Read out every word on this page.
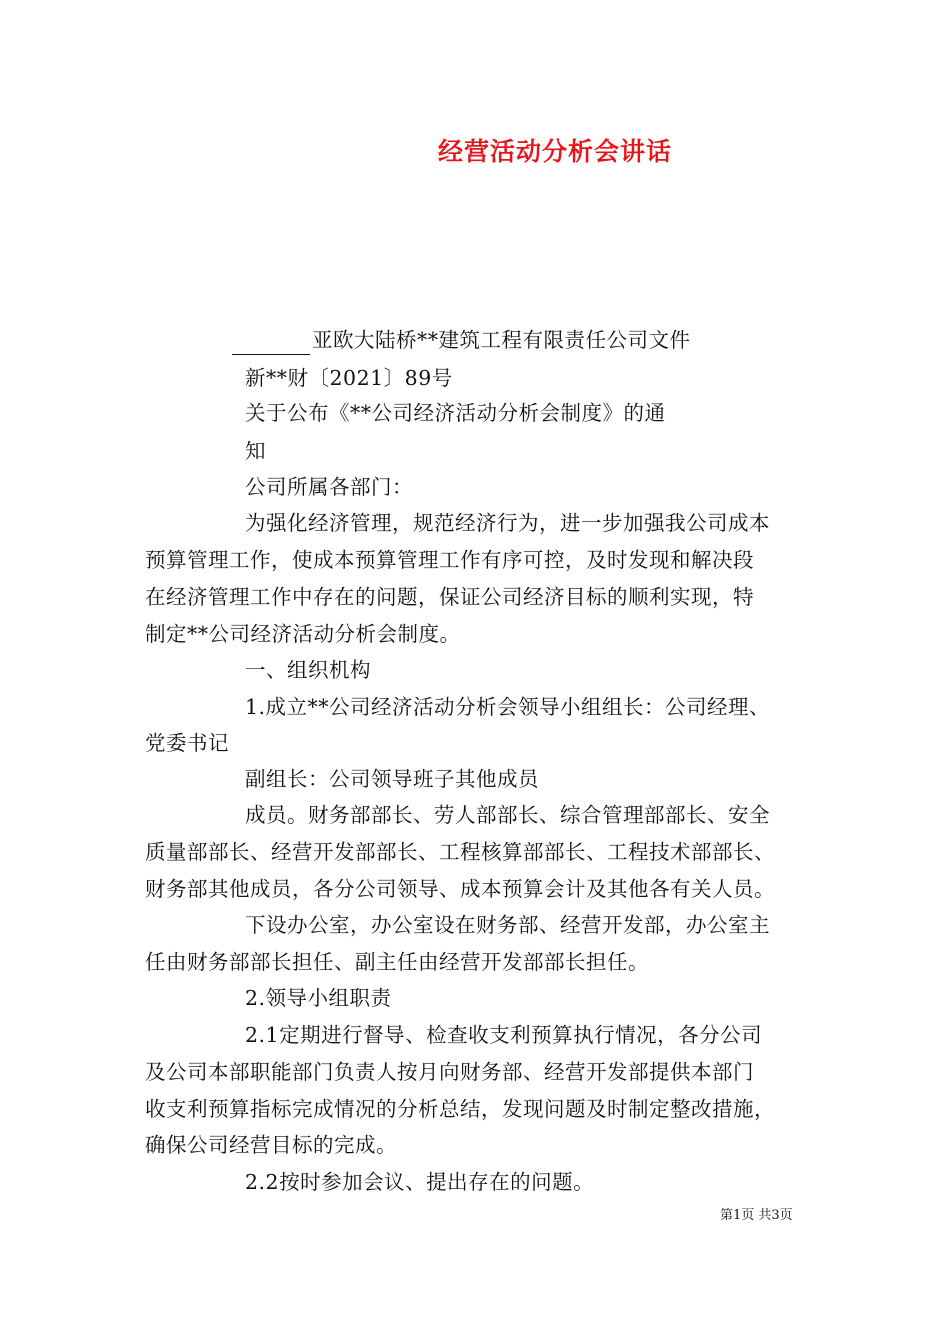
经营活动分析会讲话
亚欧大陆桥**建筑工程有限责任公司文件
新**财〔2021〕89号
关于公布《**公司经济活动分析会制度》的通
知
公司所属各部门：
为强化经济管理，规范经济行为，进一步加强我公司成本
预算管理工作，使成本预算管理工作有序可控，及时发现和解决段
在经济管理工作中存在的问题，保证公司经济目标的顺利实现，特
制定**公司经济活动分析会制度。
一、组织机构
1.成立**公司经济活动分析会领导小组组长：公司经理、
党委书记
副组长：公司领导班子其他成员
成员。财务部部长、劳人部部长、综合管理部部长、安全
质量部部长、经营开发部部长、工程核算部部长、工程技术部部长、
财务部其他成员，各分公司领导、成本预算会计及其他各有关人员。
下设办公室，办公室设在财务部、经营开发部，办公室主
任由财务部部长担任、副主任由经营开发部部长担任。
2.领导小组职责
2.1定期进行督导、检查收支利预算执行情况，各分公司
及公司本部职能部门负责人按月向财务部、经营开发部提供本部门
收支利预算指标完成情况的分析总结，发现问题及时制定整改措施，
确保公司经营目标的完成。
2.2按时参加会议、提出存在的问题。
第1页 共3页
